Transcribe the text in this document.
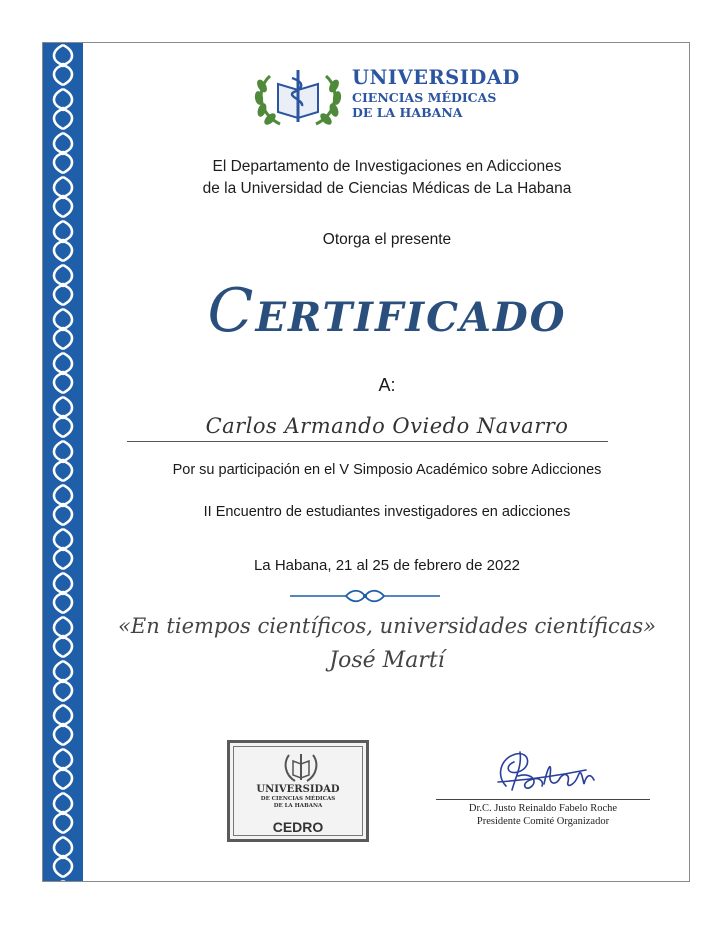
UNIVERSIDAD
CIENCIAS MÉDICAS
DE LA HABANA
El Departamento de Investigaciones en Adicciones
de la Universidad de Ciencias Médicas de La Habana
Otorga el presente
CERTIFICADO
A:
Carlos Armando Oviedo Navarro
Por su participación en el V Simposio Académico sobre Adicciones
II Encuentro de estudiantes investigadores en adicciones
La Habana, 21 al 25 de febrero de 2022
«En tiempos científicos, universidades científicas»
José Martí
UNIVERSIDAD
DE CIENCIAS MÉDICAS
DE LA HABANA
CEDRO
Dr.C. Justo Reinaldo Fabelo Roche
Presidente Comité Organizador
